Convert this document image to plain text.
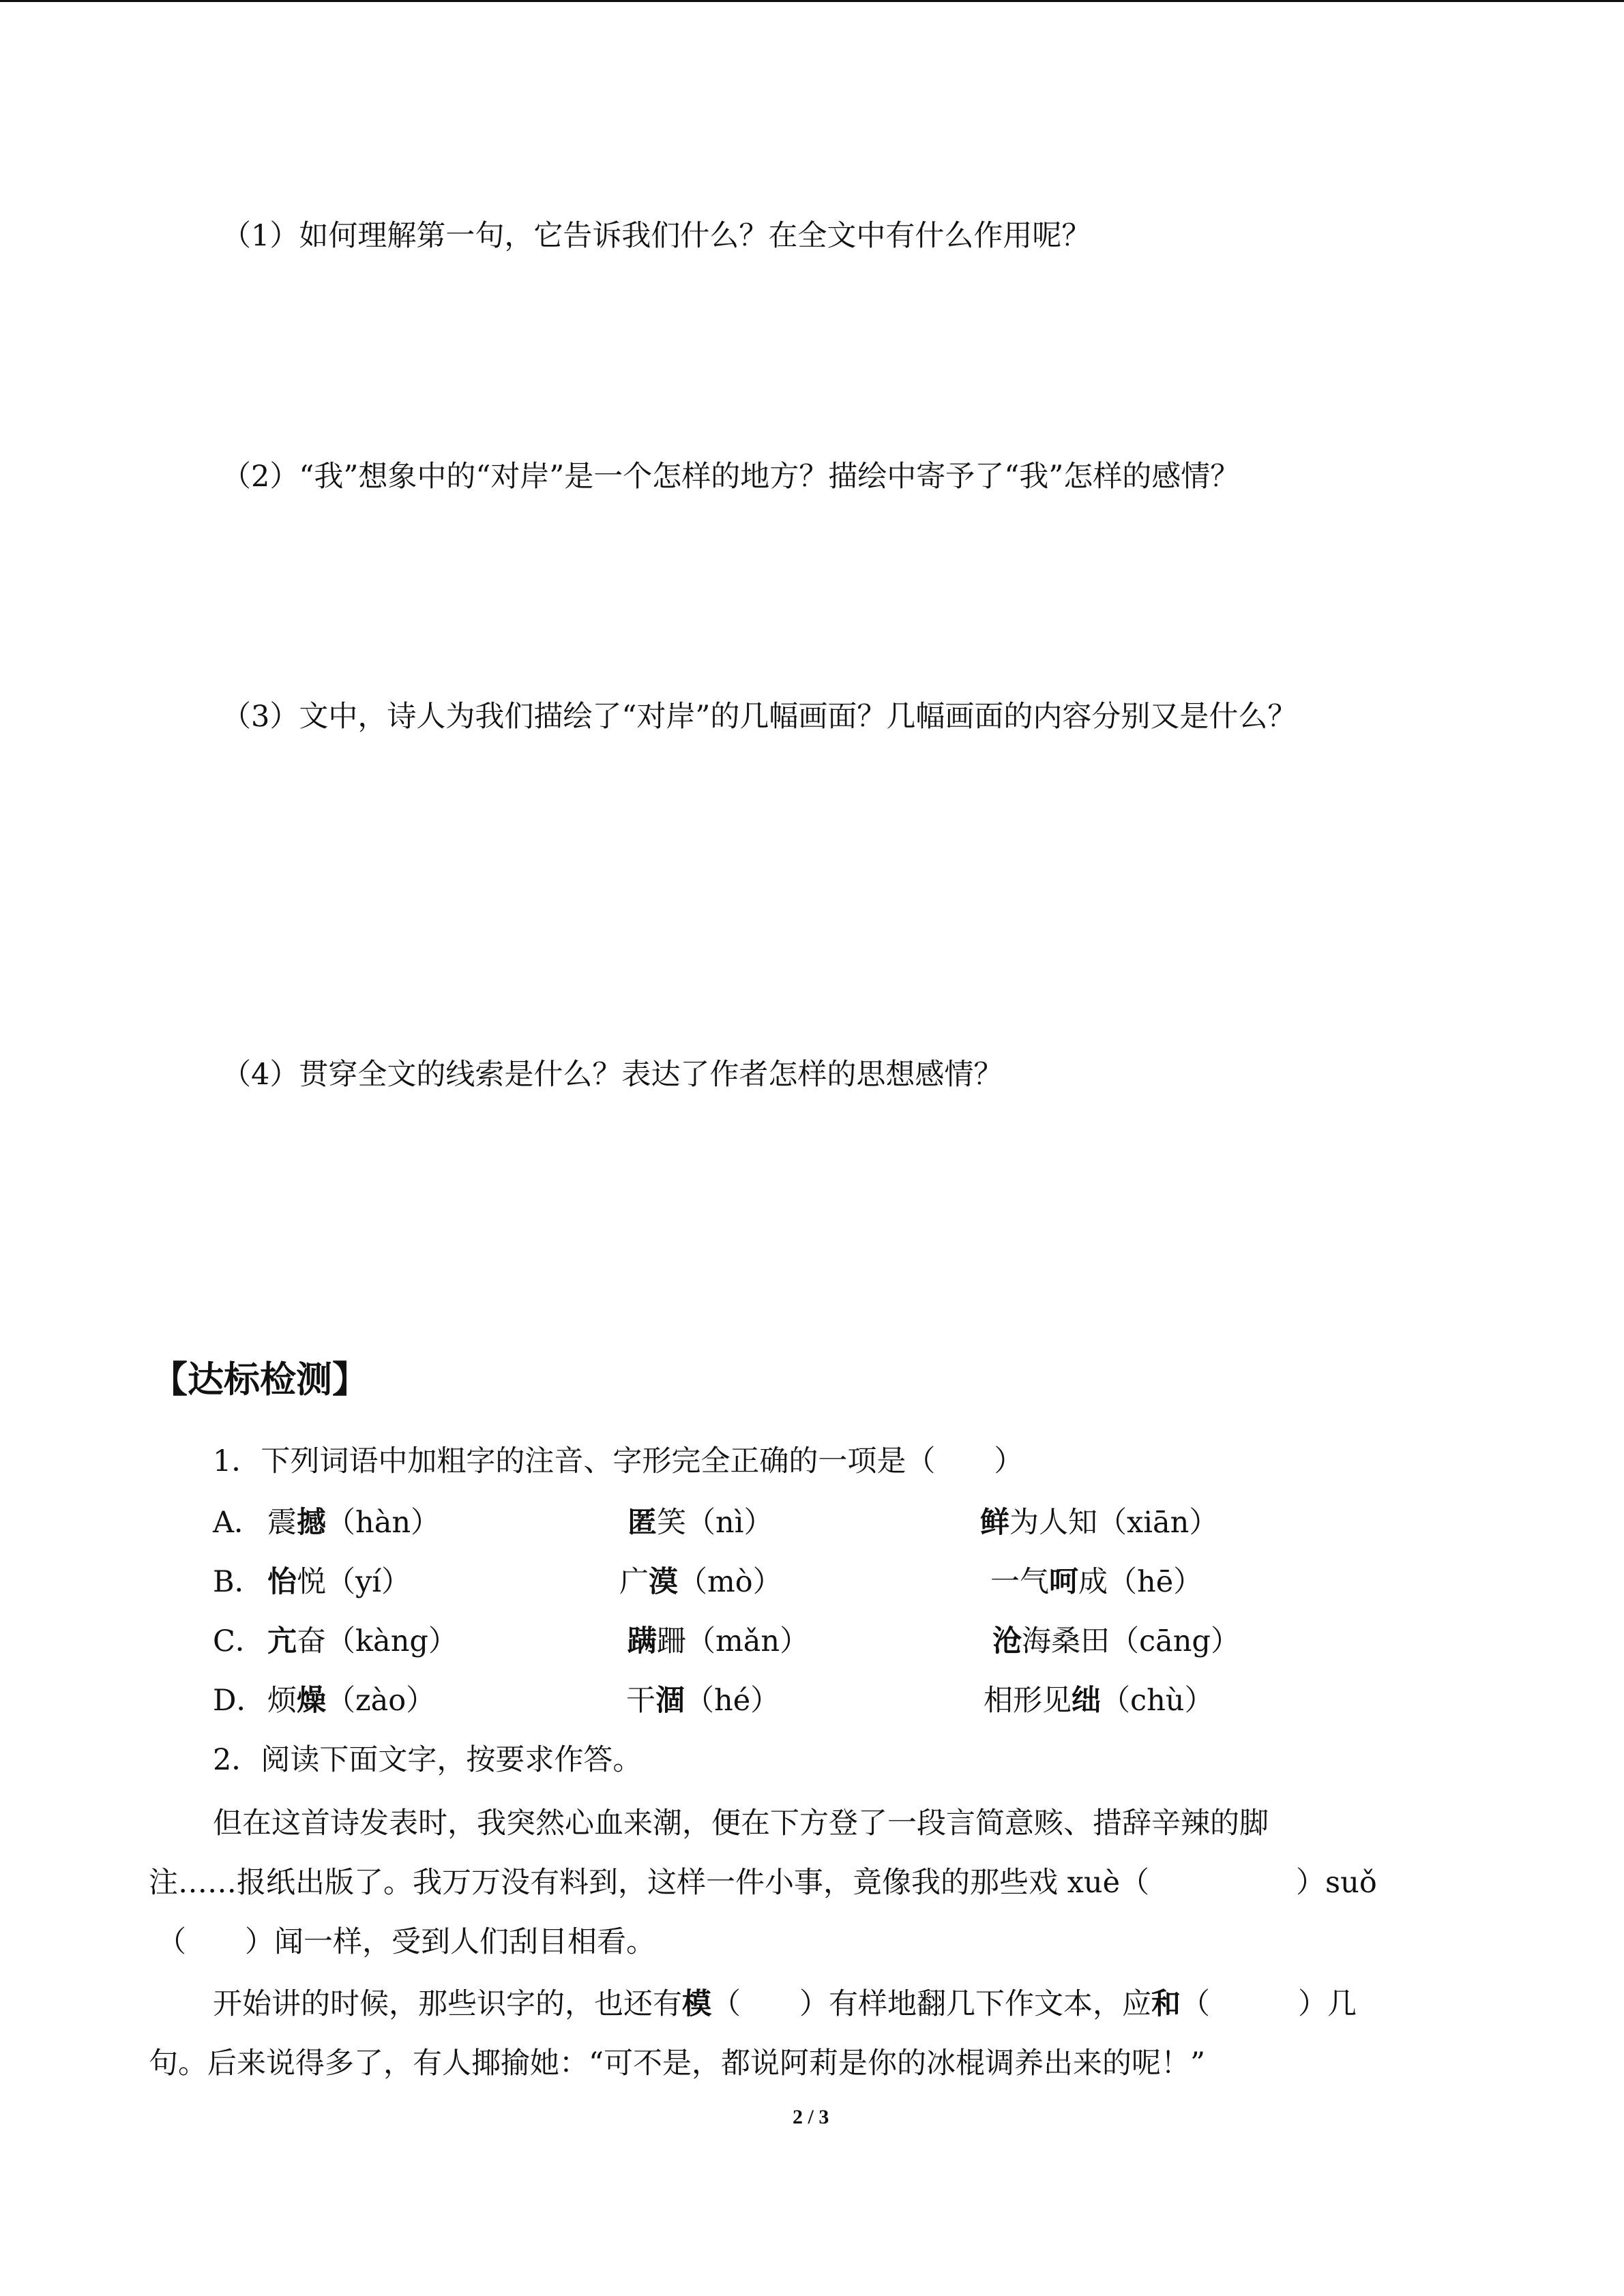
（1）如何理解第一句，它告诉我们什么？在全文中有什么作用呢？
（2）“我”想象中的“对岸”是一个怎样的地方？描绘中寄予了“我”怎样的感情？
（3）文中，诗人为我们描绘了“对岸”的几幅画面？几幅画面的内容分别又是什么？
（4）贯穿全文的线索是什么？表达了作者怎样的思想感情？
【达标检测】
1．下列词语中加粗字的注音、字形完全正确的一项是（　　）
A． 震撼（hàn）	匿笑（nì）	鲜为人知（xiān）
B． 怡悦（yí）	广漠（mò）	一气呵成（hē）
C． 亢奋（kàng）	蹒跚（mǎn）	沧海桑田（cāng）
D． 烦燥（zào）	干涸（hé）	相形见绌（chù）
2．阅读下面文字，按要求作答。
但在这首诗发表时，我突然心血来潮，便在下方登了一段言简意赅、措辞辛辣的脚
注……报纸出版了。我万万没有料到，这样一件小事，竟像我的那些戏 xuè（　　　　　）suǒ
（　　）闻一样，受到人们刮目相看。
开始讲的时候，那些识字的，也还有模（　　）有样地翻几下作文本，应和（　　　）几
句。后来说得多了，有人揶揄她：“可不是，都说阿莉是你的冰棍调养出来的呢！”
2 / 3
